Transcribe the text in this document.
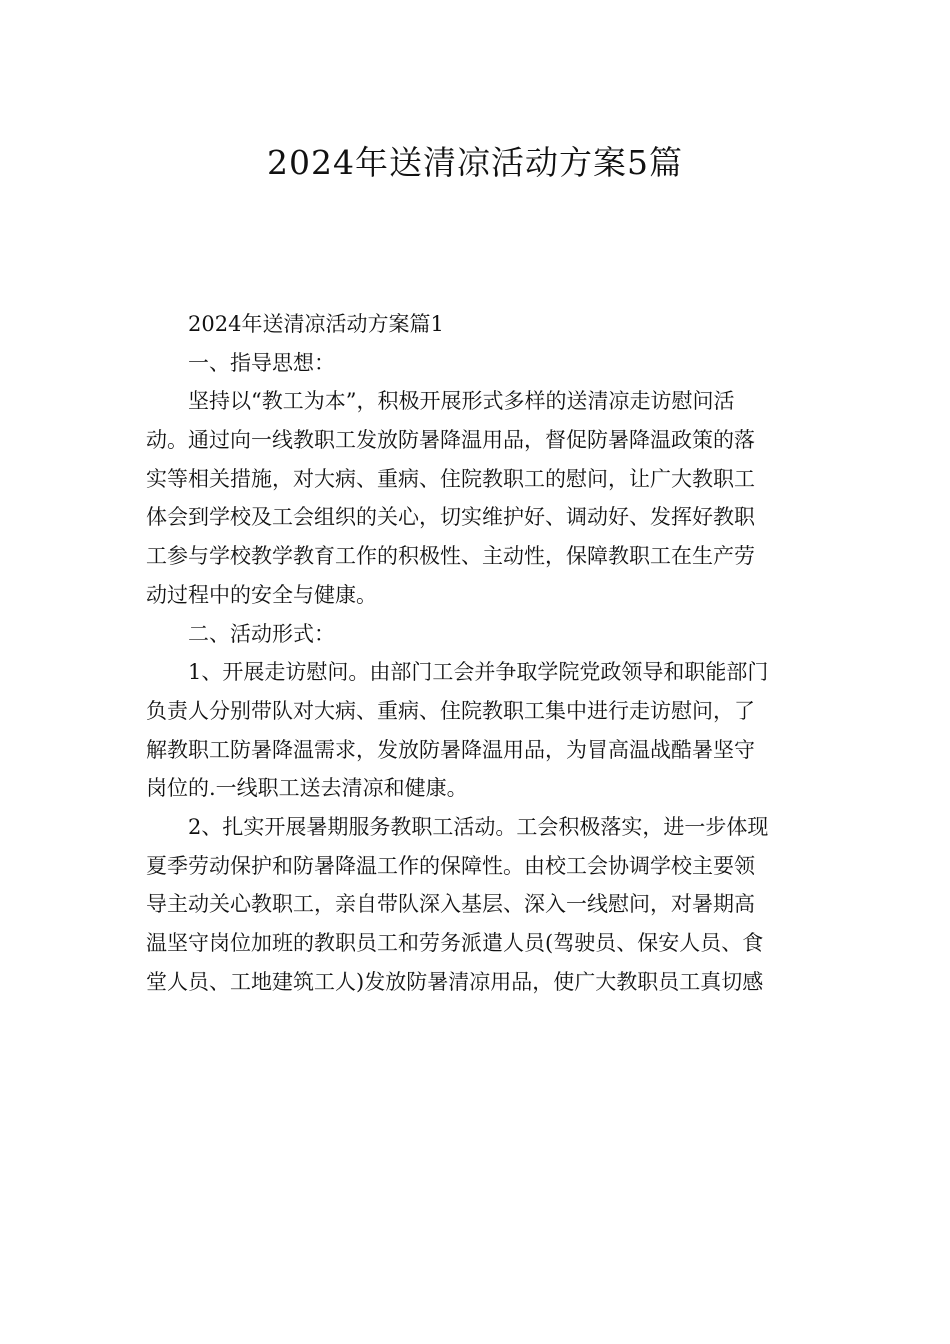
2024年送清凉活动方案5篇
2024年送清凉活动方案篇1
一、指导思想：
坚持以“教工为本”，积极开展形式多样的送清凉走访慰问活
动。通过向一线教职工发放防暑降温用品，督促防暑降温政策的落
实等相关措施，对大病、重病、住院教职工的慰问，让广大教职工
体会到学校及工会组织的关心，切实维护好、调动好、发挥好教职
工参与学校教学教育工作的积极性、主动性，保障教职工在生产劳
动过程中的安全与健康。
二、活动形式：
1、开展走访慰问。由部门工会并争取学院党政领导和职能部门
负责人分别带队对大病、重病、住院教职工集中进行走访慰问，了
解教职工防暑降温需求，发放防暑降温用品，为冒高温战酷暑坚守
岗位的.一线职工送去清凉和健康。
2、扎实开展暑期服务教职工活动。工会积极落实，进一步体现
夏季劳动保护和防暑降温工作的保障性。由校工会协调学校主要领
导主动关心教职工，亲自带队深入基层、深入一线慰问，对暑期高
温坚守岗位加班的教职员工和劳务派遣人员(驾驶员、保安人员、食
堂人员、工地建筑工人)发放防暑清凉用品，使广大教职员工真切感
